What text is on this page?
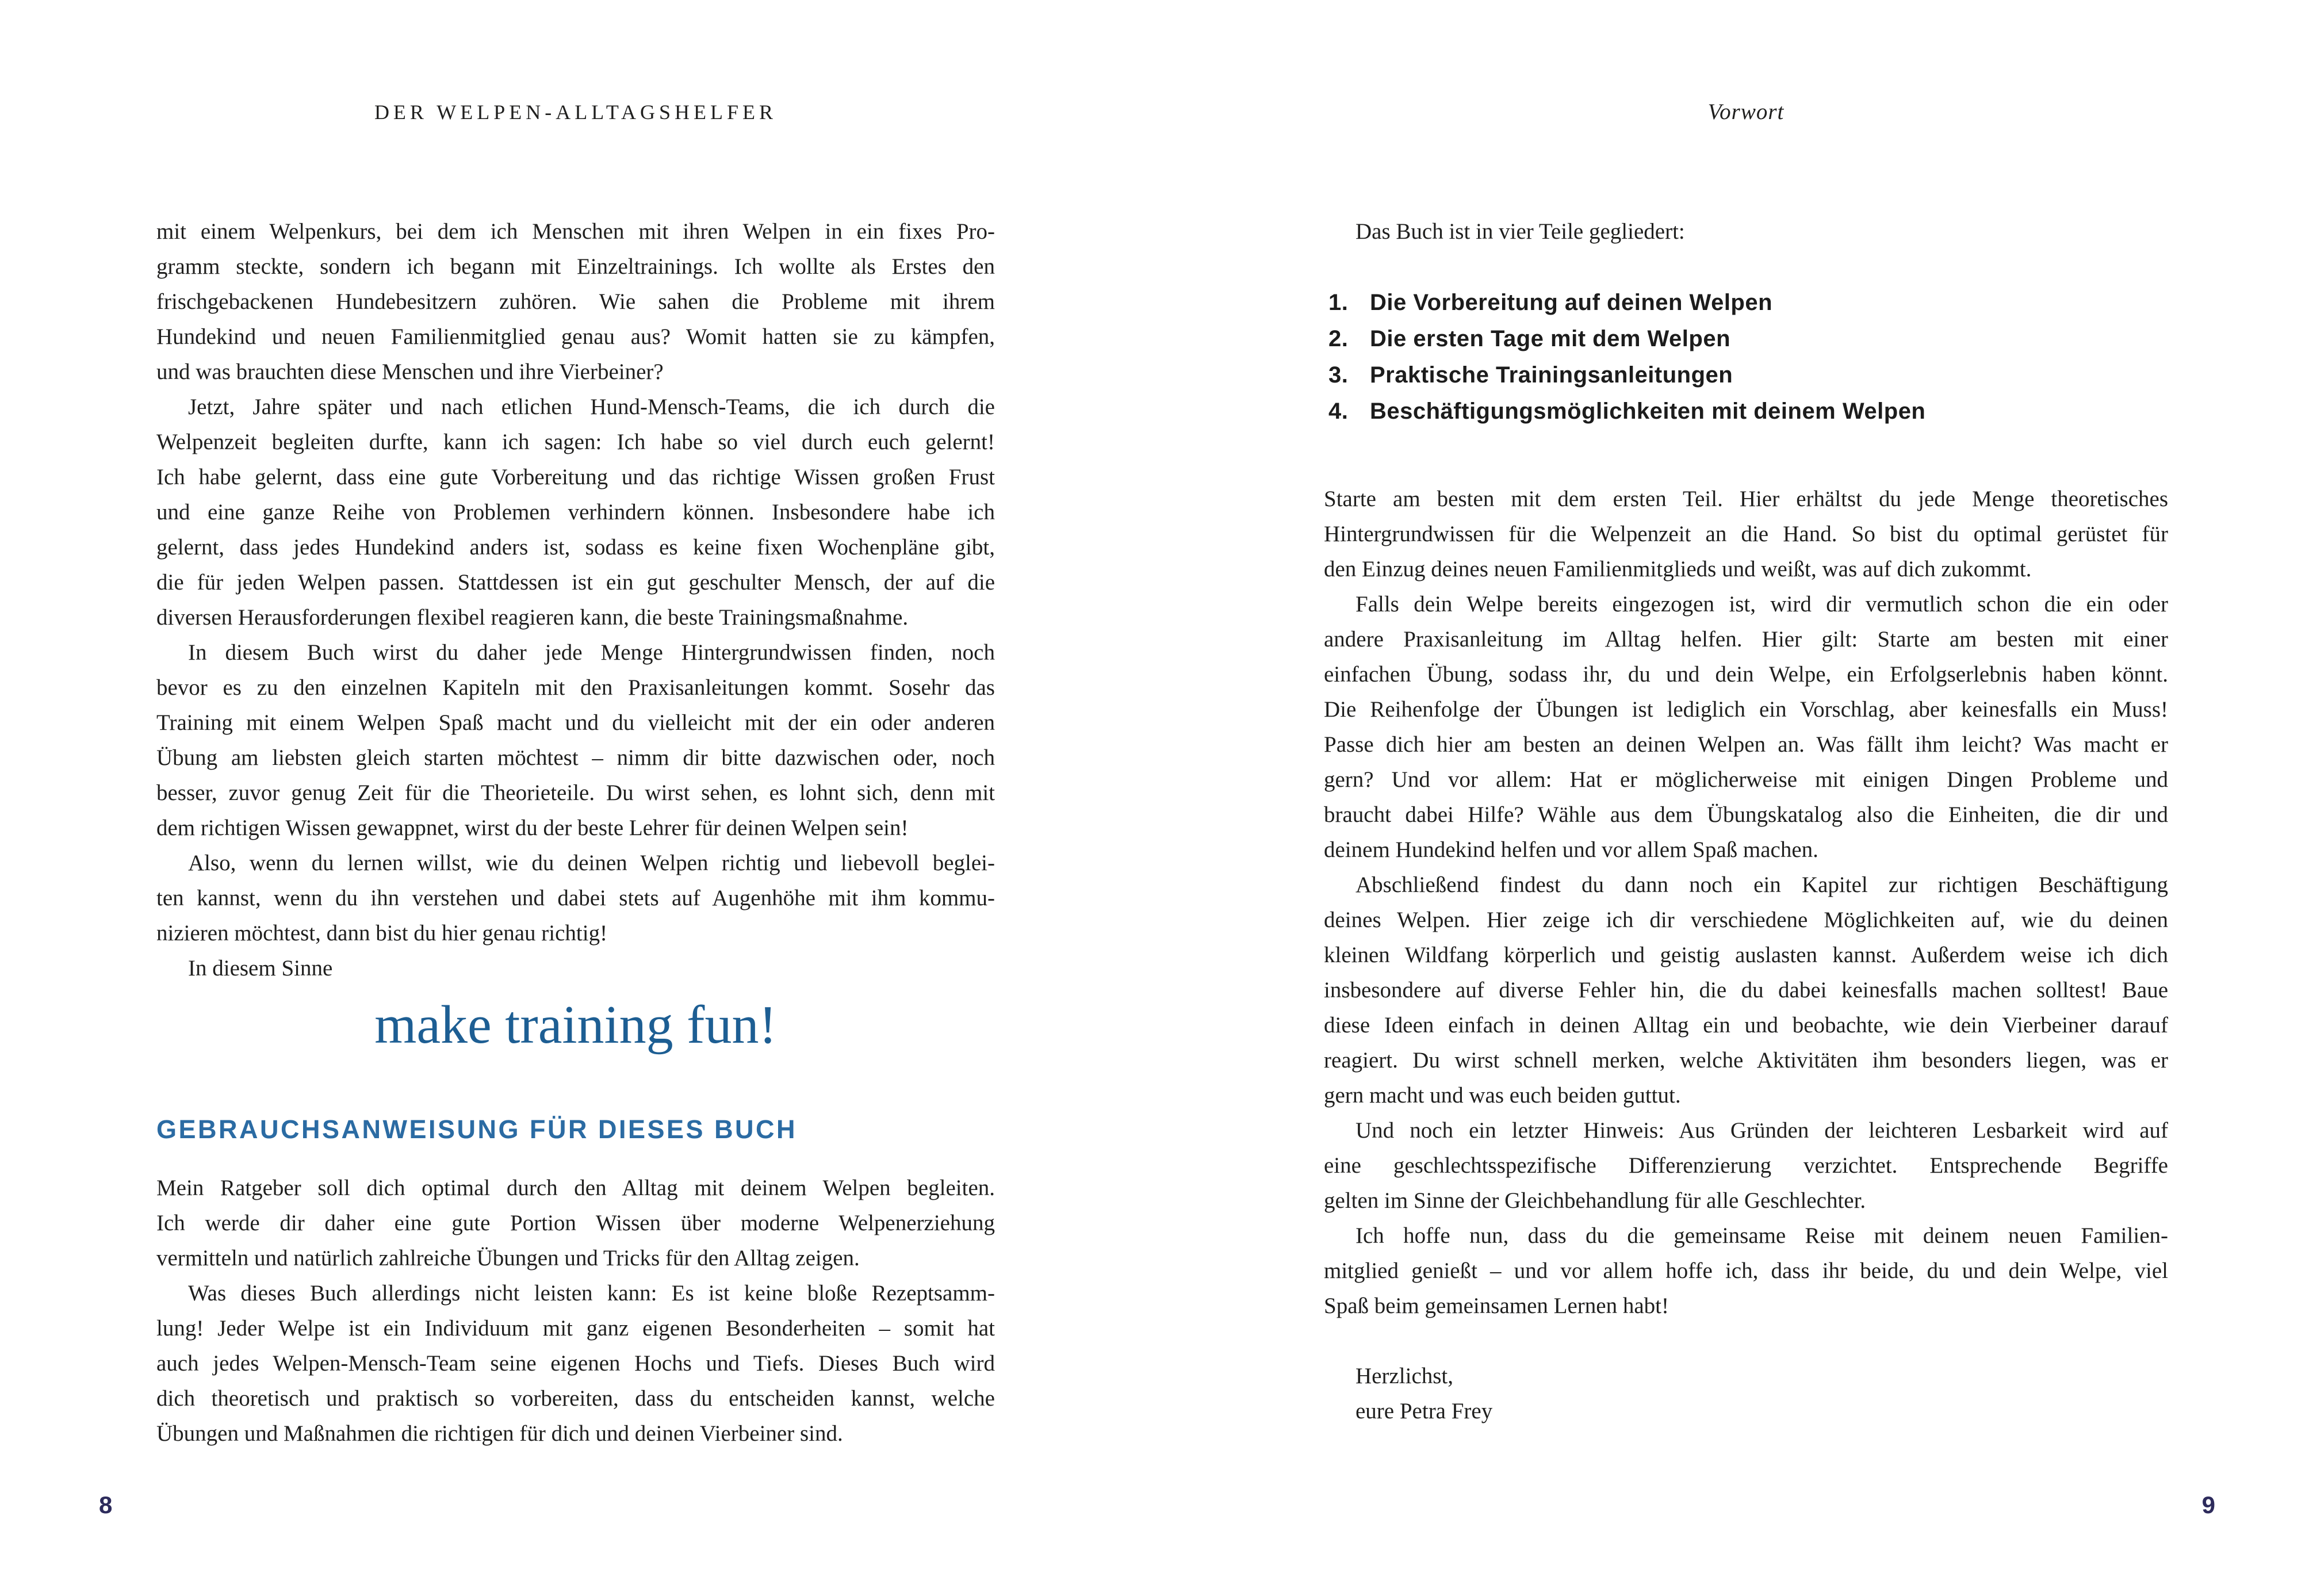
DER WELPEN-ALLTAGSHELFER	Vorwort
mit einem Welpenkurs, bei dem ich Menschen mit ihren Welpen in ein fixes Pro-
gramm steckte, sondern ich begann mit Einzeltrainings. Ich wollte als Erstes den
frischgebackenen Hundebesitzern zuhören. Wie sahen die Probleme mit ihrem
Hundekind und neuen Familienmitglied genau aus? Womit hatten sie zu kämpfen,
und was brauchten diese Menschen und ihre Vierbeiner?
Jetzt, Jahre später und nach etlichen Hund-Mensch-Teams, die ich durch die
Welpenzeit begleiten durfte, kann ich sagen: Ich habe so viel durch euch gelernt!
Ich habe gelernt, dass eine gute Vorbereitung und das richtige Wissen großen Frust
und eine ganze Reihe von Problemen verhindern können. Insbesondere habe ich
gelernt, dass jedes Hundekind anders ist, sodass es keine fixen Wochenpläne gibt,
die für jeden Welpen passen. Stattdessen ist ein gut geschulter Mensch, der auf die
diversen Herausforderungen flexibel reagieren kann, die beste Trainingsmaßnahme.
In diesem Buch wirst du daher jede Menge Hintergrundwissen finden, noch
bevor es zu den einzelnen Kapiteln mit den Praxisanleitungen kommt. Sosehr das
Training mit einem Welpen Spaß macht und du vielleicht mit der ein oder anderen
Übung am liebsten gleich starten möchtest – nimm dir bitte dazwischen oder, noch
besser, zuvor genug Zeit für die Theorieteile. Du wirst sehen, es lohnt sich, denn mit
dem richtigen Wissen gewappnet, wirst du der beste Lehrer für deinen Welpen sein!
Also, wenn du lernen willst, wie du deinen Welpen richtig und liebevoll beglei-
ten kannst, wenn du ihn verstehen und dabei stets auf Augenhöhe mit ihm kommu-
nizieren möchtest, dann bist du hier genau richtig!
In diesem Sinne
make training fun!
GEBRAUCHSANWEISUNG FÜR DIESES BUCH
Mein Ratgeber soll dich optimal durch den Alltag mit deinem Welpen begleiten.
Ich werde dir daher eine gute Portion Wissen über moderne Welpenerziehung
vermitteln und natürlich zahlreiche Übungen und Tricks für den Alltag zeigen.
Was dieses Buch allerdings nicht leisten kann: Es ist keine bloße Rezeptsamm-
lung! Jeder Welpe ist ein Individuum mit ganz eigenen Besonderheiten – somit hat
auch jedes Welpen-Mensch-Team seine eigenen Hochs und Tiefs. Dieses Buch wird
dich theoretisch und praktisch so vorbereiten, dass du entscheiden kannst, welche
Übungen und Maßnahmen die richtigen für dich und deinen Vierbeiner sind.
Das Buch ist in vier Teile gegliedert:
1. Die Vorbereitung auf deinen Welpen
2. Die ersten Tage mit dem Welpen
3. Praktische Trainingsanleitungen
4. Beschäftigungsmöglichkeiten mit deinem Welpen
Starte am besten mit dem ersten Teil. Hier erhältst du jede Menge theoretisches
Hintergrundwissen für die Welpenzeit an die Hand. So bist du optimal gerüstet für
den Einzug deines neuen Familienmitglieds und weißt, was auf dich zukommt.
Falls dein Welpe bereits eingezogen ist, wird dir vermutlich schon die ein oder
andere Praxisanleitung im Alltag helfen. Hier gilt: Starte am besten mit einer
einfachen Übung, sodass ihr, du und dein Welpe, ein Erfolgserlebnis haben könnt.
Die Reihenfolge der Übungen ist lediglich ein Vorschlag, aber keinesfalls ein Muss!
Passe dich hier am besten an deinen Welpen an. Was fällt ihm leicht? Was macht er
gern? Und vor allem: Hat er möglicherweise mit einigen Dingen Probleme und
braucht dabei Hilfe? Wähle aus dem Übungskatalog also die Einheiten, die dir und
deinem Hundekind helfen und vor allem Spaß machen.
Abschließend findest du dann noch ein Kapitel zur richtigen Beschäftigung
deines Welpen. Hier zeige ich dir verschiedene Möglichkeiten auf, wie du deinen
kleinen Wildfang körperlich und geistig auslasten kannst. Außerdem weise ich dich
insbesondere auf diverse Fehler hin, die du dabei keinesfalls machen solltest! Baue
diese Ideen einfach in deinen Alltag ein und beobachte, wie dein Vierbeiner darauf
reagiert. Du wirst schnell merken, welche Aktivitäten ihm besonders liegen, was er
gern macht und was euch beiden guttut.
Und noch ein letzter Hinweis: Aus Gründen der leichteren Lesbarkeit wird auf
eine geschlechtsspezifische Differenzierung verzichtet. Entsprechende Begriffe
gelten im Sinne der Gleichbehandlung für alle Geschlechter.
Ich hoffe nun, dass du die gemeinsame Reise mit deinem neuen Familien-
mitglied genießt – und vor allem hoffe ich, dass ihr beide, du und dein Welpe, viel
Spaß beim gemeinsamen Lernen habt!
Herzlichst,
eure Petra Frey
8	9
